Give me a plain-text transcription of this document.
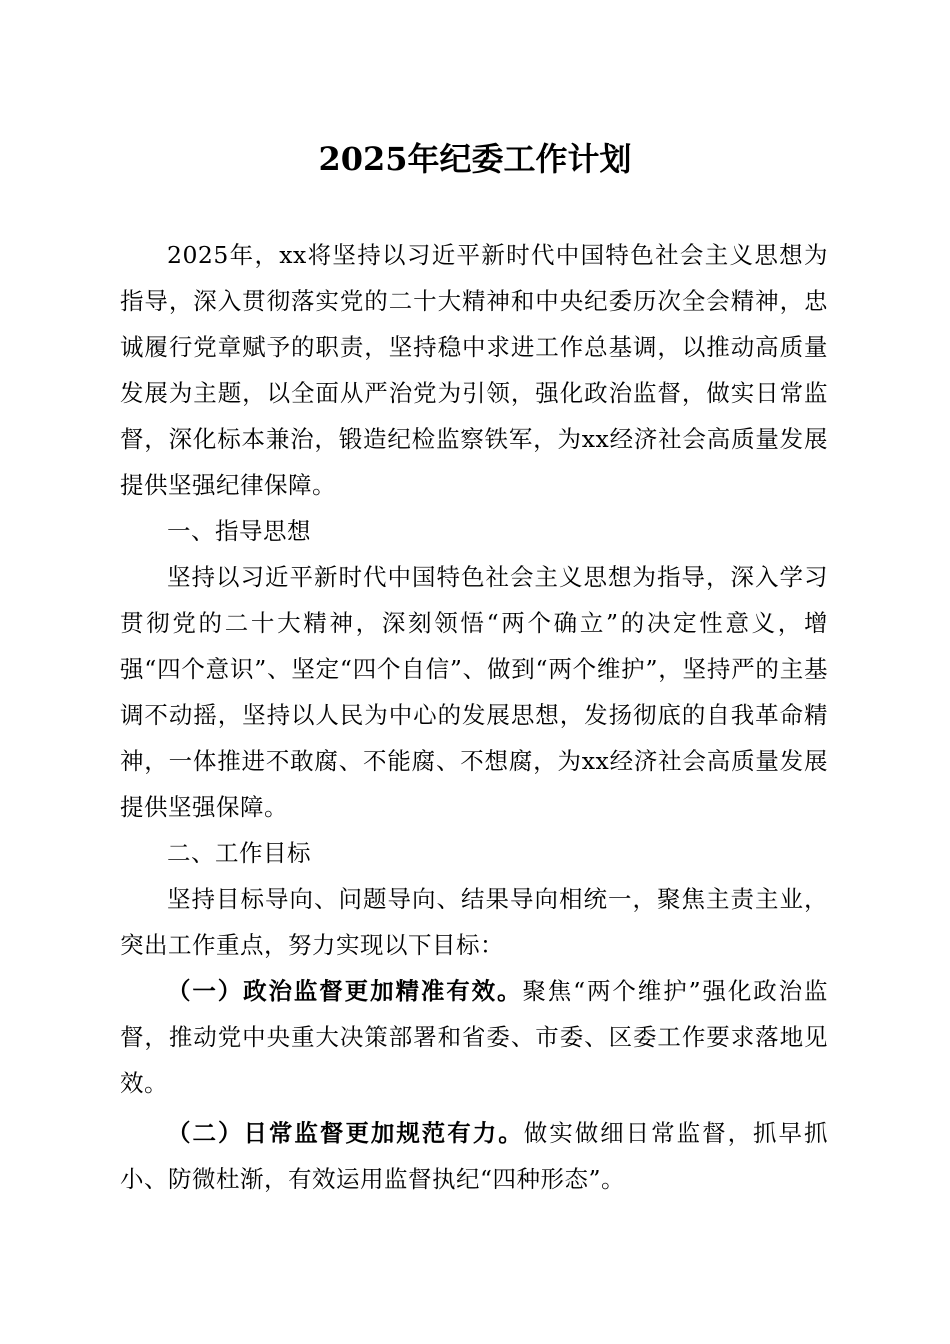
2025年纪委工作计划

2025年，xx将坚持以习近平新时代中国特色社会主义思想为指导，深入贯彻落实党的二十大精神和中央纪委历次全会精神，忠诚履行党章赋予的职责，坚持稳中求进工作总基调，以推动高质量发展为主题，以全面从严治党为引领，强化政治监督，做实日常监督，深化标本兼治，锻造纪检监察铁军，为xx经济社会高质量发展提供坚强纪律保障。

一、指导思想

坚持以习近平新时代中国特色社会主义思想为指导，深入学习贯彻党的二十大精神，深刻领悟“两个确立”的决定性意义，增强“四个意识”、坚定“四个自信”、做到“两个维护”，坚持严的主基调不动摇，坚持以人民为中心的发展思想，发扬彻底的自我革命精神，一体推进不敢腐、不能腐、不想腐，为xx经济社会高质量发展提供坚强保障。

二、工作目标

坚持目标导向、问题导向、结果导向相统一，聚焦主责主业，突出工作重点，努力实现以下目标：

（一）政治监督更加精准有效。聚焦“两个维护”强化政治监督，推动党中央重大决策部署和省委、市委、区委工作要求落地见效。

（二）日常监督更加规范有力。做实做细日常监督，抓早抓小、防微杜渐，有效运用监督执纪“四种形态”。
